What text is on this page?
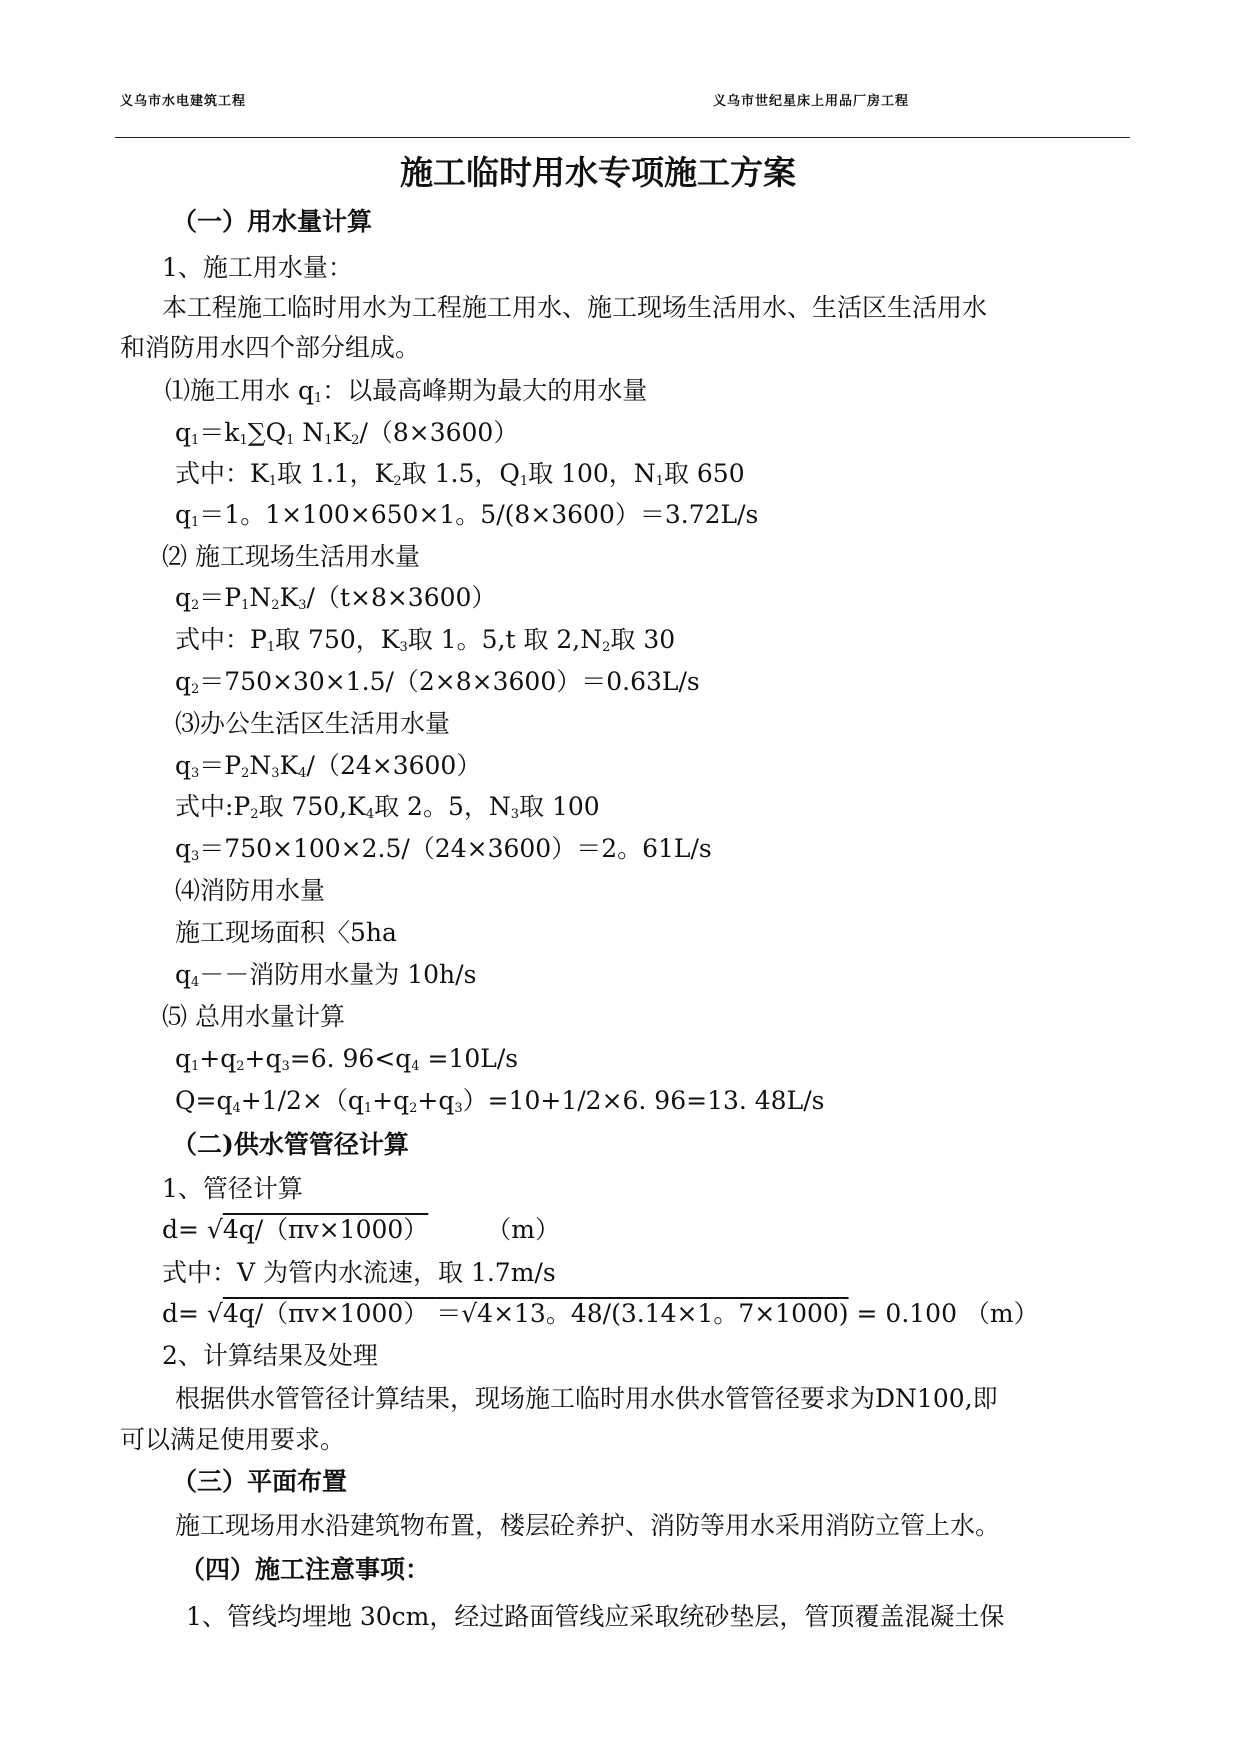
义乌市水电建筑工程	义乌市世纪星床上用品厂房工程
施工临时用水专项施工方案
（一）用水量计算
1、施工用水量：
本工程施工临时用水为工程施工用水、施工现场生活用水、生活区生活用水
和消防用水四个部分组成。
⑴施工用水 $q_1$：以最高峰期为最大的用水量
$q_1=k_1\sum Q_1$ $N_1K_2/(8\times 3600)$
式中：$K_1$取 1.1，$K_2$取 1.5，$Q_1$取 100，$N_1$取 650
$q_1=1$。1×100×650×1。5/(8×3600）＝3.72L/s
⑵ 施工现场生活用水量
$q_2=P_1N_2K_3/(t\times 8\times 3600)$
式中：$P_1$取 750，$K_3$取 1。5,t 取 $2,N_2$取 30
$q_2=750\times 30\times 1.5/(2\times 8\times 3600)=0.63L/s$
⑶办公生活区生活用水量
$q_3=P_2N_3K_4/(24\times 3600)$
式中$:P_2$取 $750,K_4$取 2。5，$N_3$取 100
$q_3=750\times 100\times 2.5/(24\times 3600)=2$。61L/s
⑷消防用水量
施工现场面积〈5ha
$q_4--$消防用水量为 10h/s
⑸ 总用水量计算
$q_1+q_2+q_3=6$. $96<q_4 =10L/s$
$Q=q_4+1/2\times(q_1+q_2+q_3)=10+1/2\times 6$. 96=13. 48L/s
（二)供水管管径计算
1、管径计算
d= √4q/（πv×1000） （m）
式中：V 为管内水流速，取 1.7m/s
d= √4q/（πv×1000） ＝√4×13。48/(3.14×1。7×1000) = 0.100 （m）
2、计算结果及处理
根据供水管管径计算结果，现场施工临时用水供水管管径要求为DN100,即
可以满足使用要求。
（三）平面布置
施工现场用水沿建筑物布置，楼层砼养护、消防等用水采用消防立管上水。
（四）施工注意事项：
1、管线均埋地 30cm，经过路面管线应采取统砂垫层，管顶覆盖混凝土保
